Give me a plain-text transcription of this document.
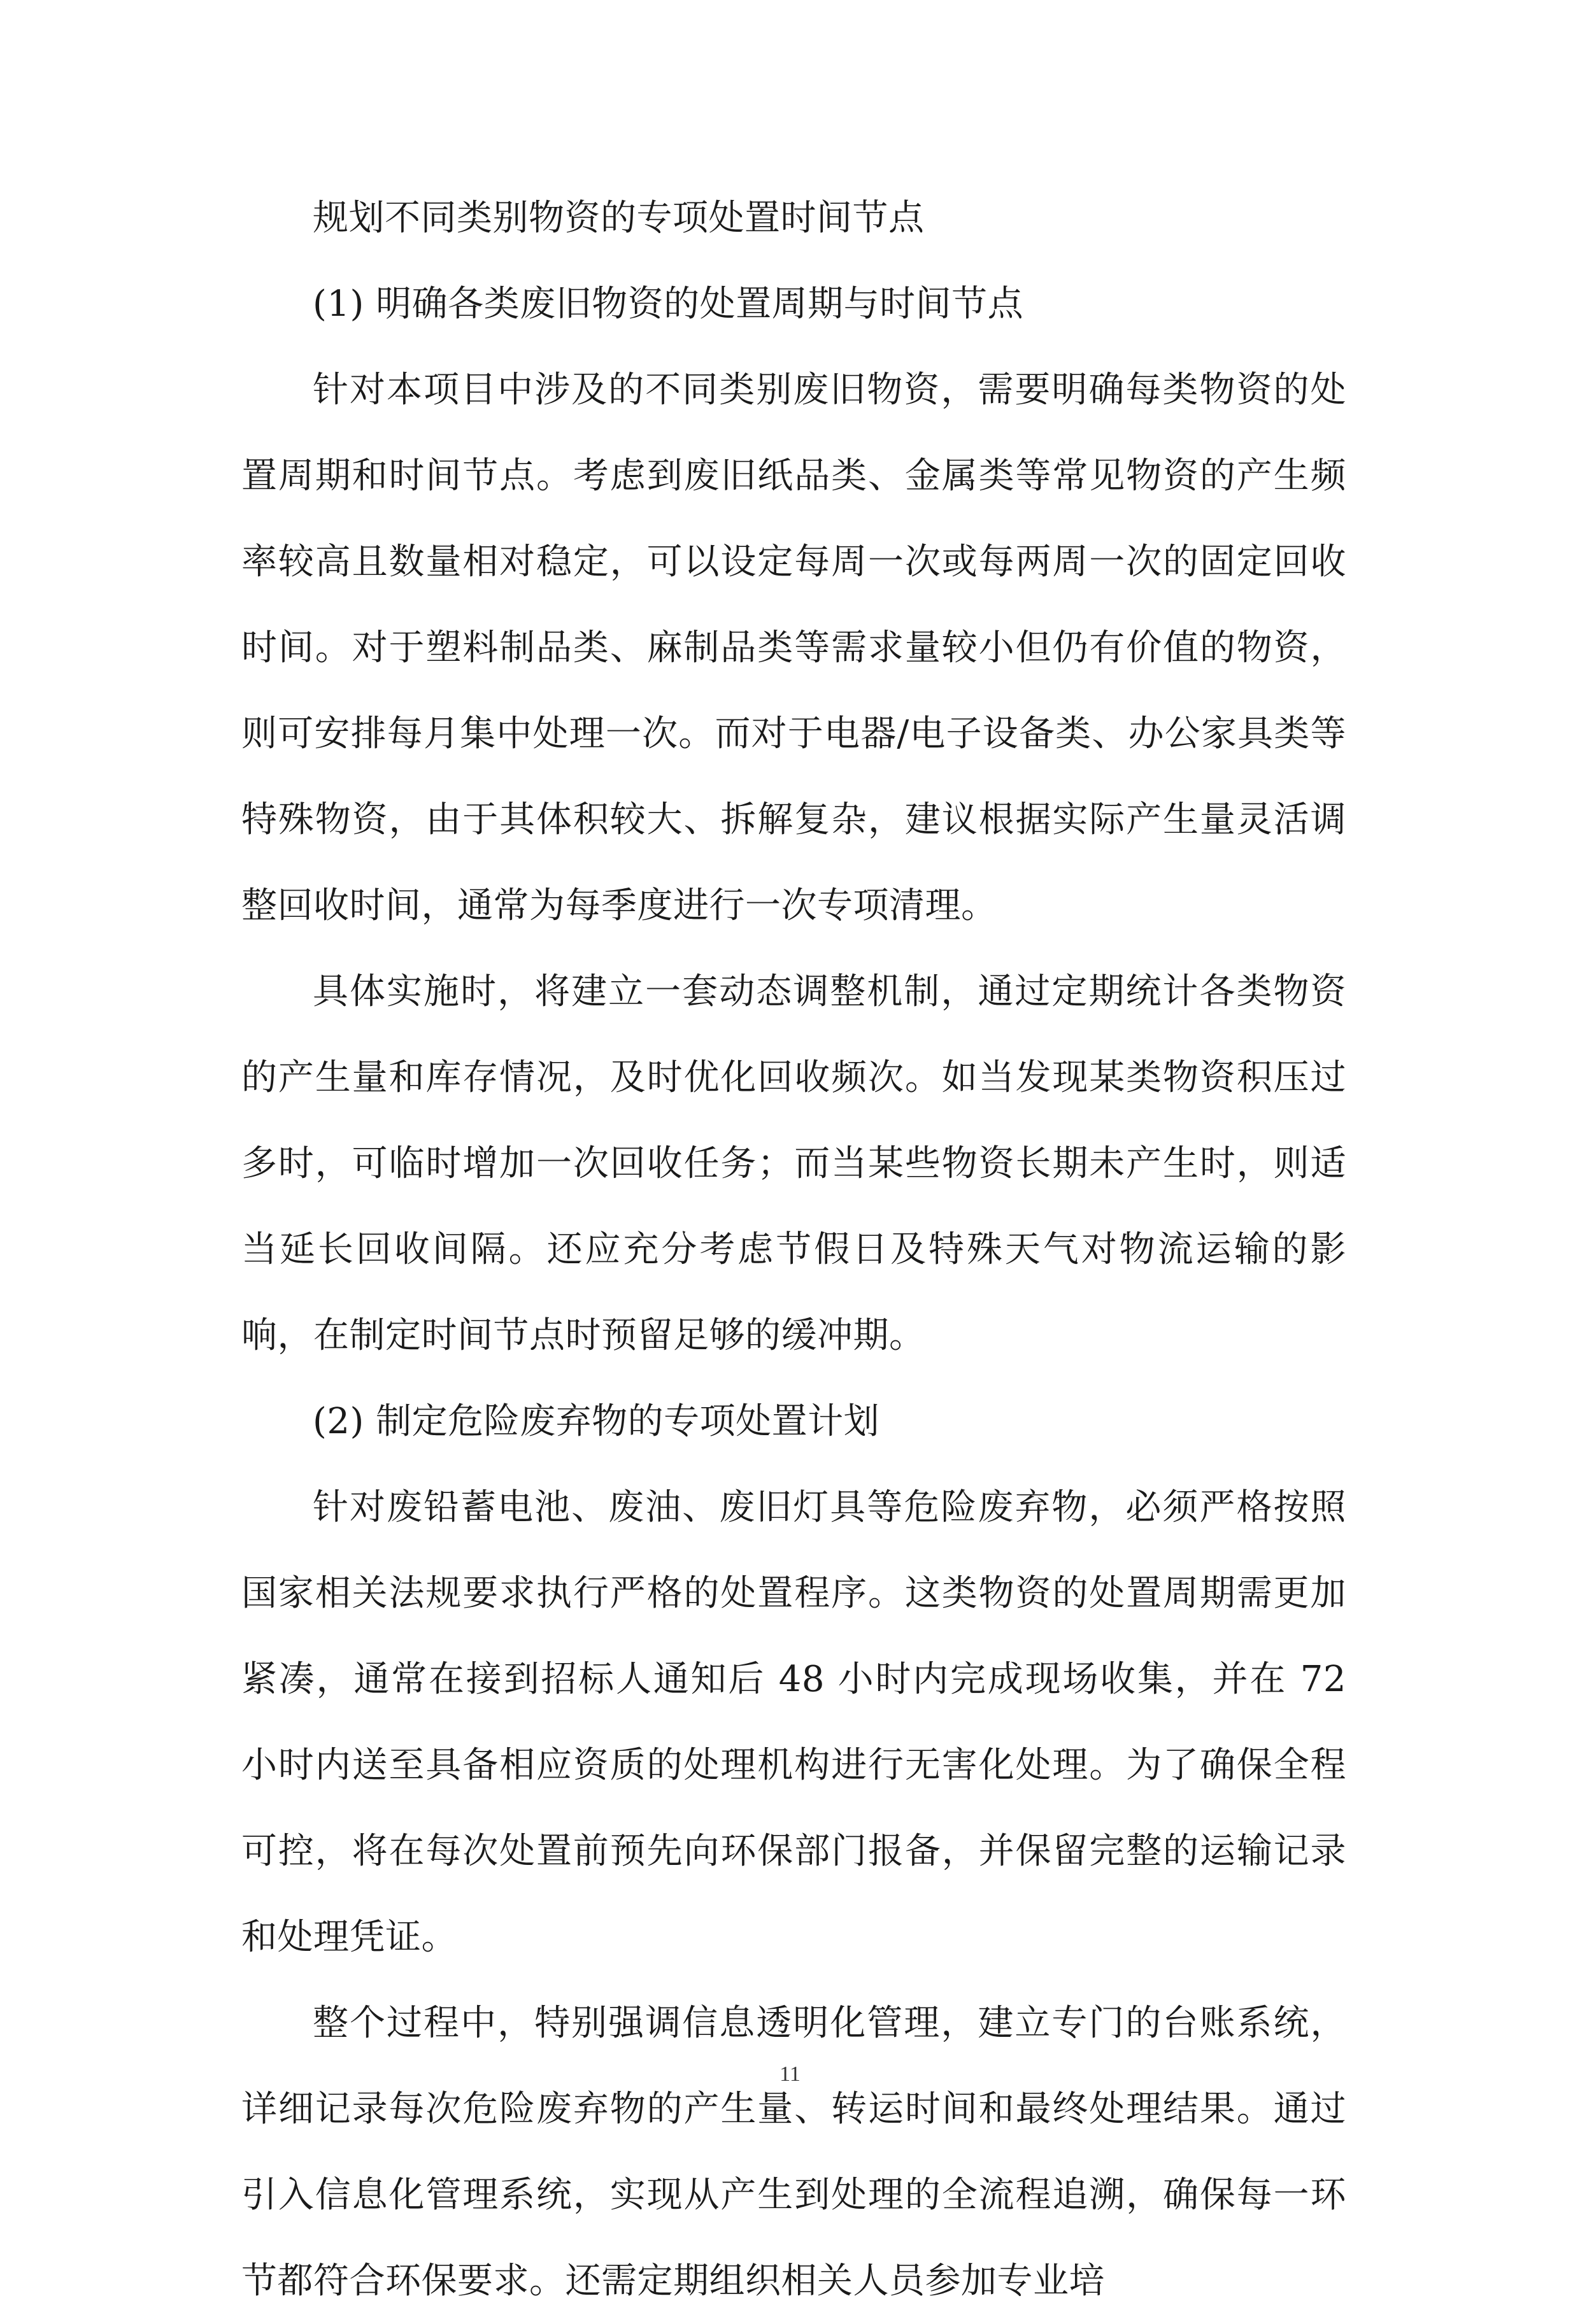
规划不同类别物资的专项处置时间节点

(1) 明确各类废旧物资的处置周期与时间节点

针对本项目中涉及的不同类别废旧物资，需要明确每类物资的处置周期和时间节点。考虑到废旧纸品类、金属类等常见物资的产生频率较高且数量相对稳定，可以设定每周一次或每两周一次的固定回收时间。对于塑料制品类、麻制品类等需求量较小但仍有价值的物资，则可安排每月集中处理一次。而对于电器/电子设备类、办公家具类等特殊物资，由于其体积较大、拆解复杂，建议根据实际产生量灵活调整回收时间，通常为每季度进行一次专项清理。

具体实施时，将建立一套动态调整机制，通过定期统计各类物资的产生量和库存情况，及时优化回收频次。如当发现某类物资积压过多时，可临时增加一次回收任务；而当某些物资长期未产生时，则适当延长回收间隔。还应充分考虑节假日及特殊天气对物流运输的影响，在制定时间节点时预留足够的缓冲期。

(2) 制定危险废弃物的专项处置计划

针对废铅蓄电池、废油、废旧灯具等危险废弃物，必须严格按照国家相关法规要求执行严格的处置程序。这类物资的处置周期需更加紧凑，通常在接到招标人通知后 48 小时内完成现场收集，并在 72 小时内送至具备相应资质的处理机构进行无害化处理。为了确保全程可控，将在每次处置前预先向环保部门报备，并保留完整的运输记录和处理凭证。

整个过程中，特别强调信息透明化管理，建立专门的台账系统，详细记录每次危险废弃物的产生量、转运时间和最终处理结果。通过引入信息化管理系统，实现从产生到处理的全流程追溯，确保每一环节都符合环保要求。还需定期组织相关人员参加专业培

11
